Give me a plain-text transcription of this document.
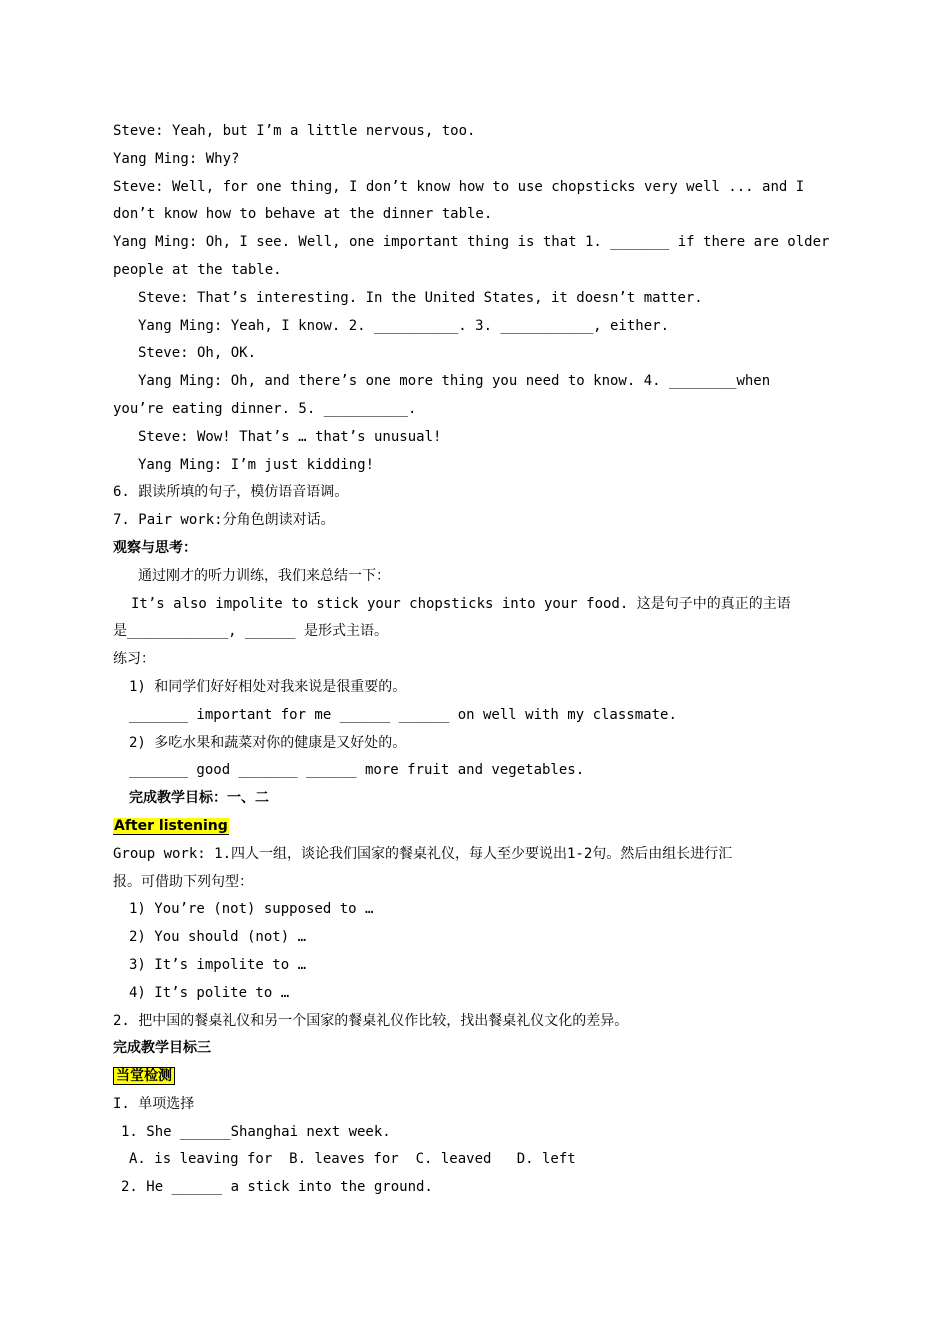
Steve: Yeah, but I’m a little nervous, too.
Yang Ming: Why?
Steve: Well, for one thing, I don’t know how to use chopsticks very well ... and I
don’t know how to behave at the dinner table.
Yang Ming: Oh, I see. Well, one important thing is that 1. _______ if there are older
people at the table.
Steve: That’s interesting. In the United States, it doesn’t matter.
Yang Ming: Yeah, I know. 2. __________. 3. ___________, either.
Steve: Oh, OK.
Yang Ming: Oh, and there’s one more thing you need to know. 4. ________when
you’re eating dinner. 5. __________.
Steve: Wow! That’s … that’s unusual!
Yang Ming: I’m just kidding!
6. 跟读所填的句子，模仿语音语调。
7. Pair work:分角色朗读对话。
观察与思考：
通过刚才的听力训练，我们来总结一下：
It’s also impolite to stick your chopsticks into your food. 这是句子中的真正的主语
是____________, ______ 是形式主语。
练习：
1) 和同学们好好相处对我来说是很重要的。
_______ important for me ______ ______ on well with my classmate.
2) 多吃水果和蔬菜对你的健康是又好处的。
_______ good _______ ______ more fruit and vegetables.
完成教学目标：一、二
After listening
Group work: 1.四人一组，谈论我们国家的餐桌礼仪，每人至少要说出1-2句。然后由组长进行汇
报。可借助下列句型：
1) You’re (not) supposed to …
2) You should (not) …
3) It’s impolite to …
4) It’s polite to …
2. 把中国的餐桌礼仪和另一个国家的餐桌礼仪作比较，找出餐桌礼仪文化的差异。
完成教学目标三
当堂检测
I. 单项选择
1. She ______Shanghai next week.
A. is leaving for  B. leaves for  C. leaved   D. left
2. He ______ a stick into the ground.
